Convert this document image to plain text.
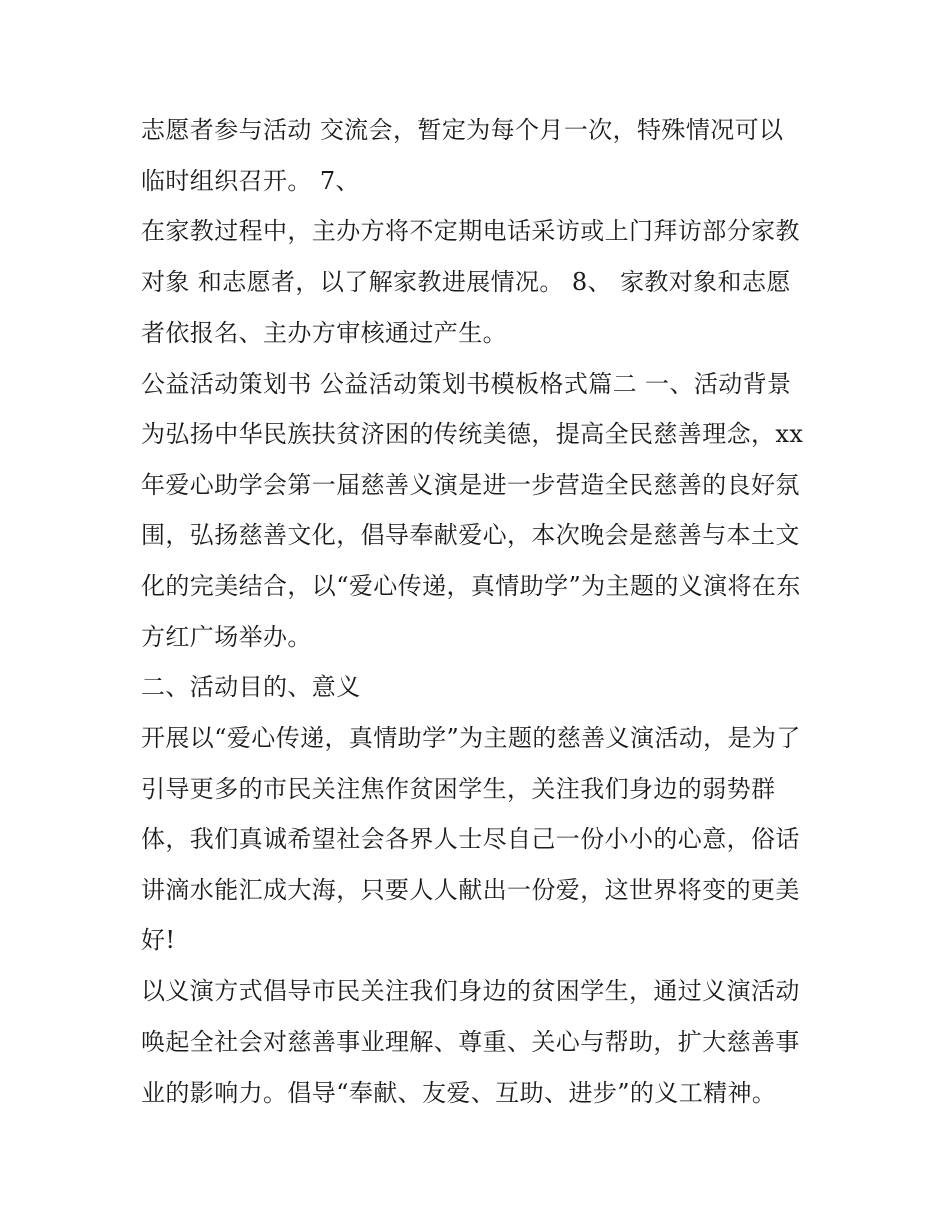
志愿者参与活动 交流会，暂定为每个月一次，特殊情况可以

临时组织召开。 7、

在家教过程中，主办方将不定期电话采访或上门拜访部分家教

对象 和志愿者，以了解家教进展情况。 8、 家教对象和志愿

者依报名、主办方审核通过产生。

公益活动策划书 公益活动策划书模板格式篇二 一、活动背景

为弘扬中华民族扶贫济困的传统美德，提高全民慈善理念，xx

年爱心助学会第一届慈善义演是进一步营造全民慈善的良好氛

围，弘扬慈善文化，倡导奉献爱心，本次晚会是慈善与本土文

化的完美结合，以“爱心传递，真情助学”为主题的义演将在东

方红广场举办。

二、活动目的、意义

开展以“爱心传递，真情助学”为主题的慈善义演活动，是为了

引导更多的市民关注焦作贫困学生，关注我们身边的弱势群

体，我们真诚希望社会各界人士尽自己一份小小的心意，俗话

讲滴水能汇成大海，只要人人献出一份爱，这世界将变的更美

好!

以义演方式倡导市民关注我们身边的贫困学生，通过义演活动

唤起全社会对慈善事业理解、尊重、关心与帮助，扩大慈善事

业的影响力。倡导“奉献、友爱、互助、进步”的义工精神。
